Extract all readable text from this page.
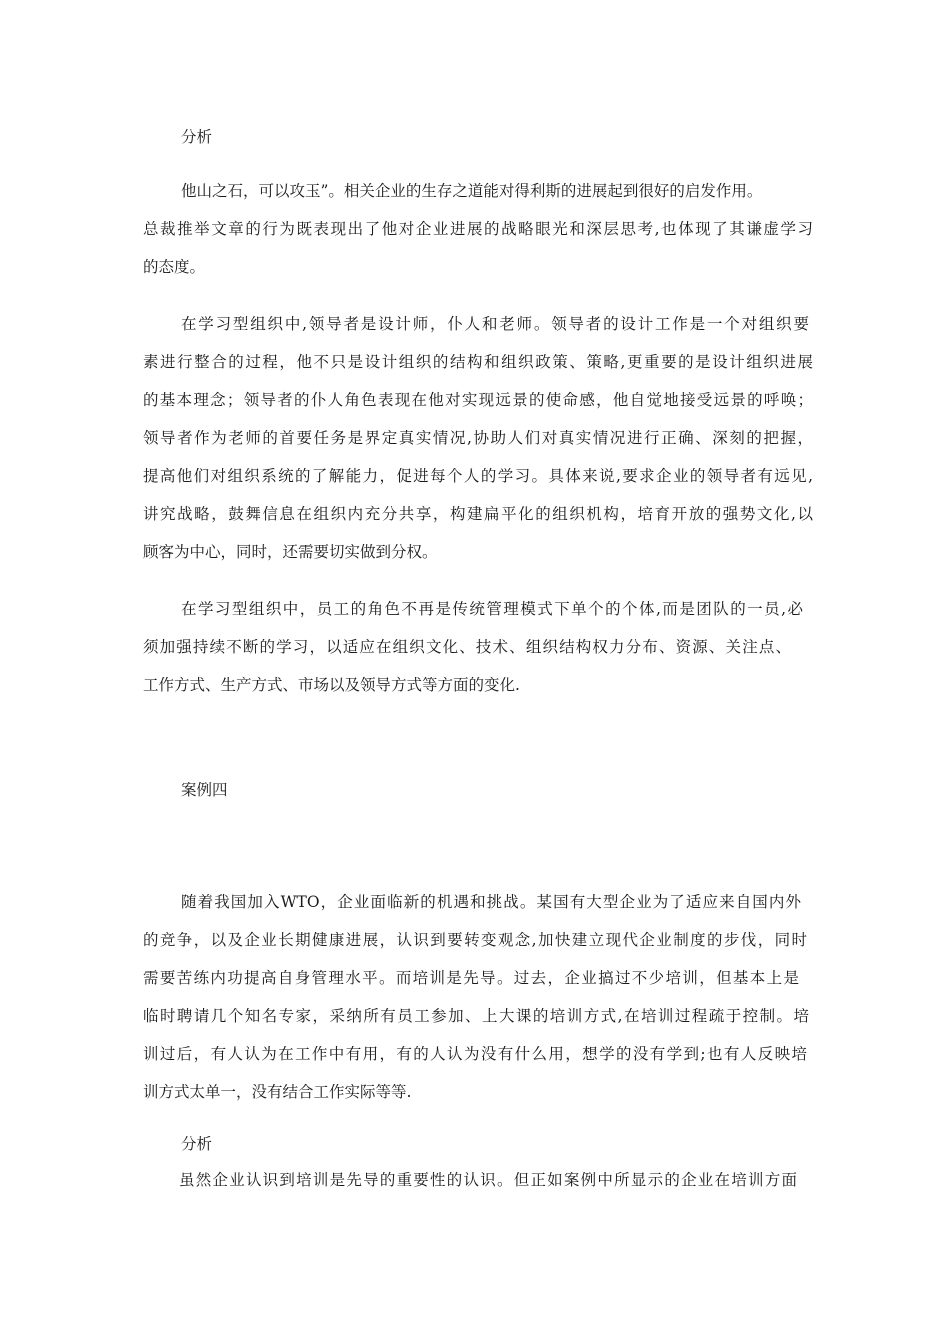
分析
他山之石，可以攻玉”。相关企业的生存之道能对得利斯的进展起到很好的启发作用。
总裁推举文章的行为既表现出了他对企业进展的战略眼光和深层思考,也体现了其谦虚学习
的态度。
在学习型组织中,领导者是设计师，仆人和老师。领导者的设计工作是一个对组织要
素进行整合的过程，他不只是设计组织的结构和组织政策、策略,更重要的是设计组织进展
的基本理念；领导者的仆人角色表现在他对实现远景的使命感，他自觉地接受远景的呼唤；
领导者作为老师的首要任务是界定真实情况,协助人们对真实情况进行正确、深刻的把握，
提高他们对组织系统的了解能力，促进每个人的学习。具体来说,要求企业的领导者有远见,
讲究战略，鼓舞信息在组织内充分共享，构建扁平化的组织机构，培育开放的强势文化,以
顾客为中心，同时，还需要切实做到分权。
在学习型组织中，员工的角色不再是传统管理模式下单个的个体,而是团队的一员,必
须加强持续不断的学习，以适应在组织文化、技术、组织结构权力分布、资源、关注点、
工作方式、生产方式、市场以及领导方式等方面的变化.
案例四
随着我国加入WTO，企业面临新的机遇和挑战。某国有大型企业为了适应来自国内外
的竞争，以及企业长期健康进展，认识到要转变观念,加快建立现代企业制度的步伐，同时
需要苦练内功提高自身管理水平。而培训是先导。过去，企业搞过不少培训，但基本上是
临时聘请几个知名专家，采纳所有员工参加、上大课的培训方式,在培训过程疏于控制。培
训过后，有人认为在工作中有用，有的人认为没有什么用，想学的没有学到;也有人反映培
训方式太单一，没有结合工作实际等等.
分析
虽然企业认识到培训是先导的重要性的认识。但正如案例中所显示的企业在培训方面
